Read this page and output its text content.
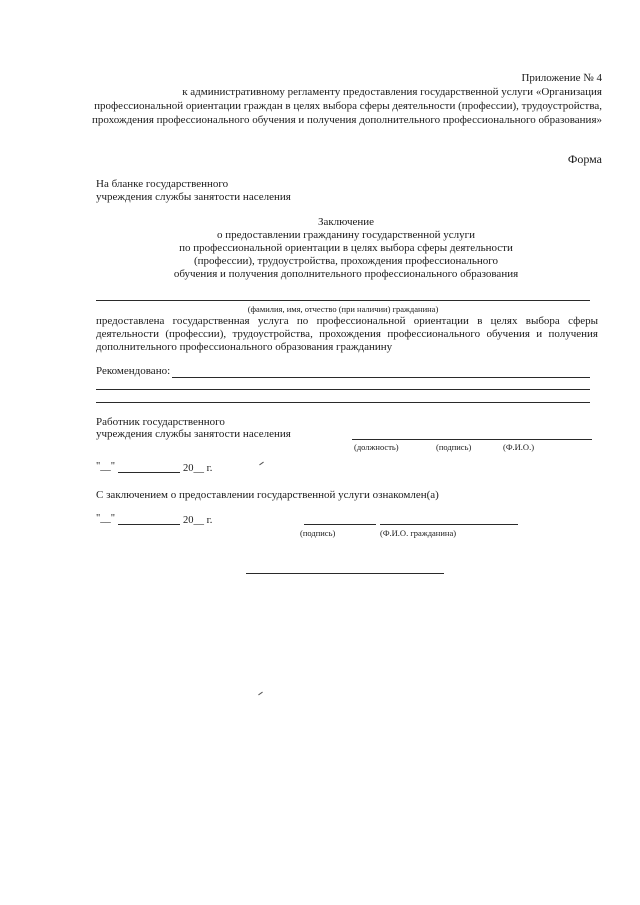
Приложение № 4
к административному регламенту предоставления государственной услуги «Организация
профессиональной ориентации граждан в целях выбора сферы деятельности (профессии), трудоустройства,
прохождения профессионального обучения и получения дополнительного профессионального образования»
Форма
На бланке государственного
учреждения службы занятости населения
Заключение
о предоставлении гражданину государственной услуги
по профессиональной ориентации в целях выбора сферы деятельности
(профессии), трудоустройства, прохождения профессионального
обучения и получения дополнительного профессионального образования
(фамилия, имя, отчество (при наличии) гражданина)
предоставлена государственная услуга по профессиональной ориентации в целях выбора сферы
деятельности (профессии), трудоустройства, прохождения профессионального обучения и получения
дополнительного профессионального образования гражданину
Рекомендовано:
Работник государственного
учреждения службы занятости населения
(должность)	(подпись)	(Ф.И.О.)
"__"	20__ г.
С заключением о предоставлении государственной услуги ознакомлен(а)
"__"	20__ г.
(подпись)	(Ф.И.О. гражданина)
